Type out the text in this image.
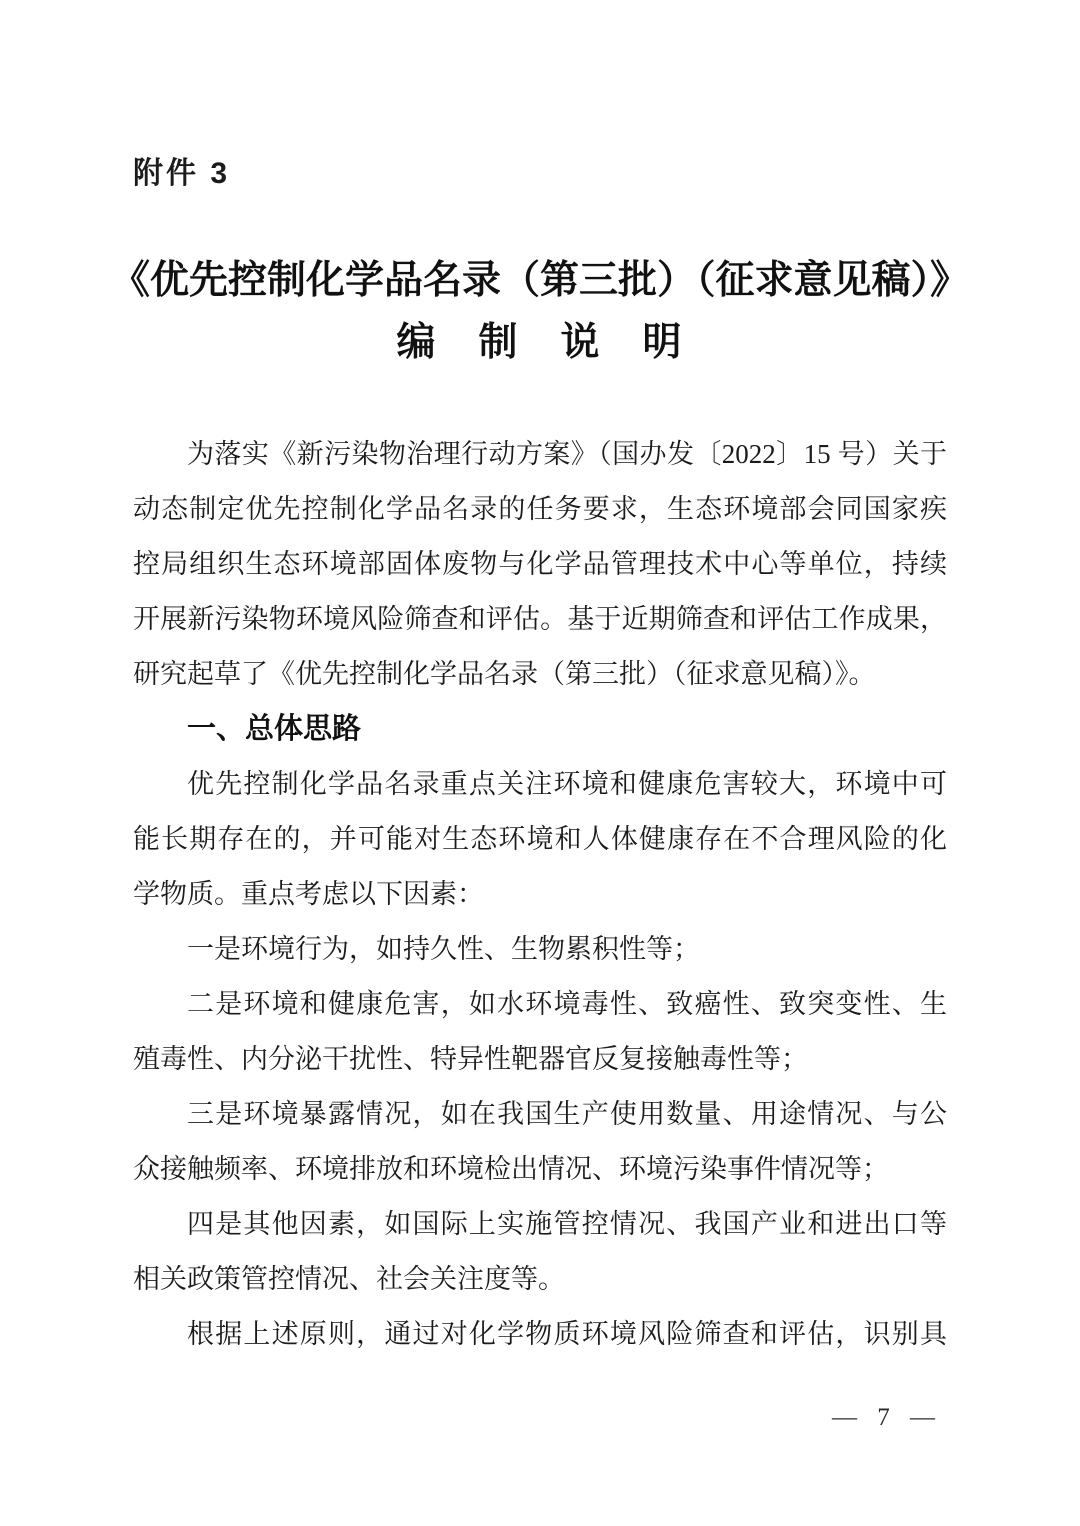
附件 3
《优先控制化学品名录（第三批）（征求意见稿）》
编　制　说　明
为落实《新污染物治理行动方案》（国办发〔2022〕15 号）关于
动态制定优先控制化学品名录的任务要求，生态环境部会同国家疾
控局组织生态环境部固体废物与化学品管理技术中心等单位，持续
开展新污染物环境风险筛查和评估。基于近期筛查和评估工作成果，
研究起草了《优先控制化学品名录（第三批）（征求意见稿）》。
一、总体思路
优先控制化学品名录重点关注环境和健康危害较大，环境中可
能长期存在的，并可能对生态环境和人体健康存在不合理风险的化
学物质。重点考虑以下因素：
一是环境行为，如持久性、生物累积性等；
二是环境和健康危害，如水环境毒性、致癌性、致突变性、生
殖毒性、内分泌干扰性、特异性靶器官反复接触毒性等；
三是环境暴露情况，如在我国生产使用数量、用途情况、与公
众接触频率、环境排放和环境检出情况、环境污染事件情况等；
四是其他因素，如国际上实施管控情况、我国产业和进出口等
相关政策管控情况、社会关注度等。
根据上述原则，通过对化学物质环境风险筛查和评估，识别具
— 7 —
